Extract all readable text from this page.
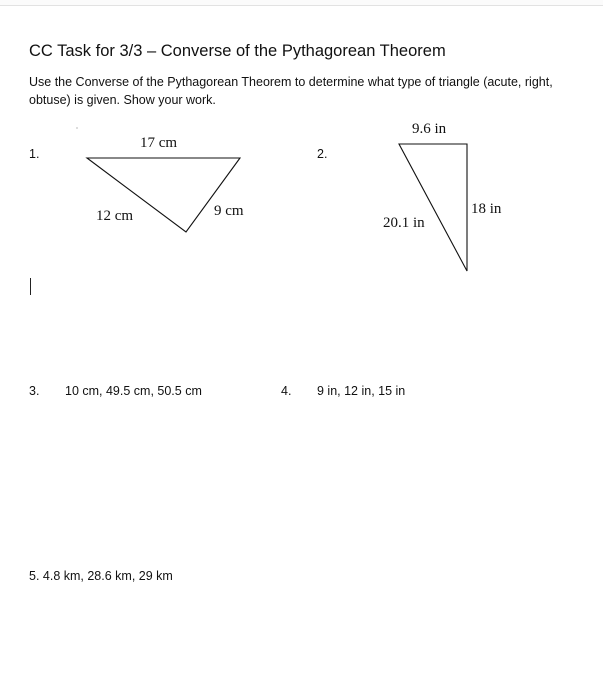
CC Task for 3/3 – Converse of the Pythagorean Theorem
Use the Converse of the Pythagorean Theorem to determine what type of triangle (acute, right, obtuse) is given. Show your work.
1.
17 cm
12 cm	9 cm
2.
9.6 in
20.1 in
18 in
3. 10 cm, 49.5 cm, 50.5 cm	4. 9 in, 12 in, 15 in
5. 4.8 km, 28.6 km, 29 km
